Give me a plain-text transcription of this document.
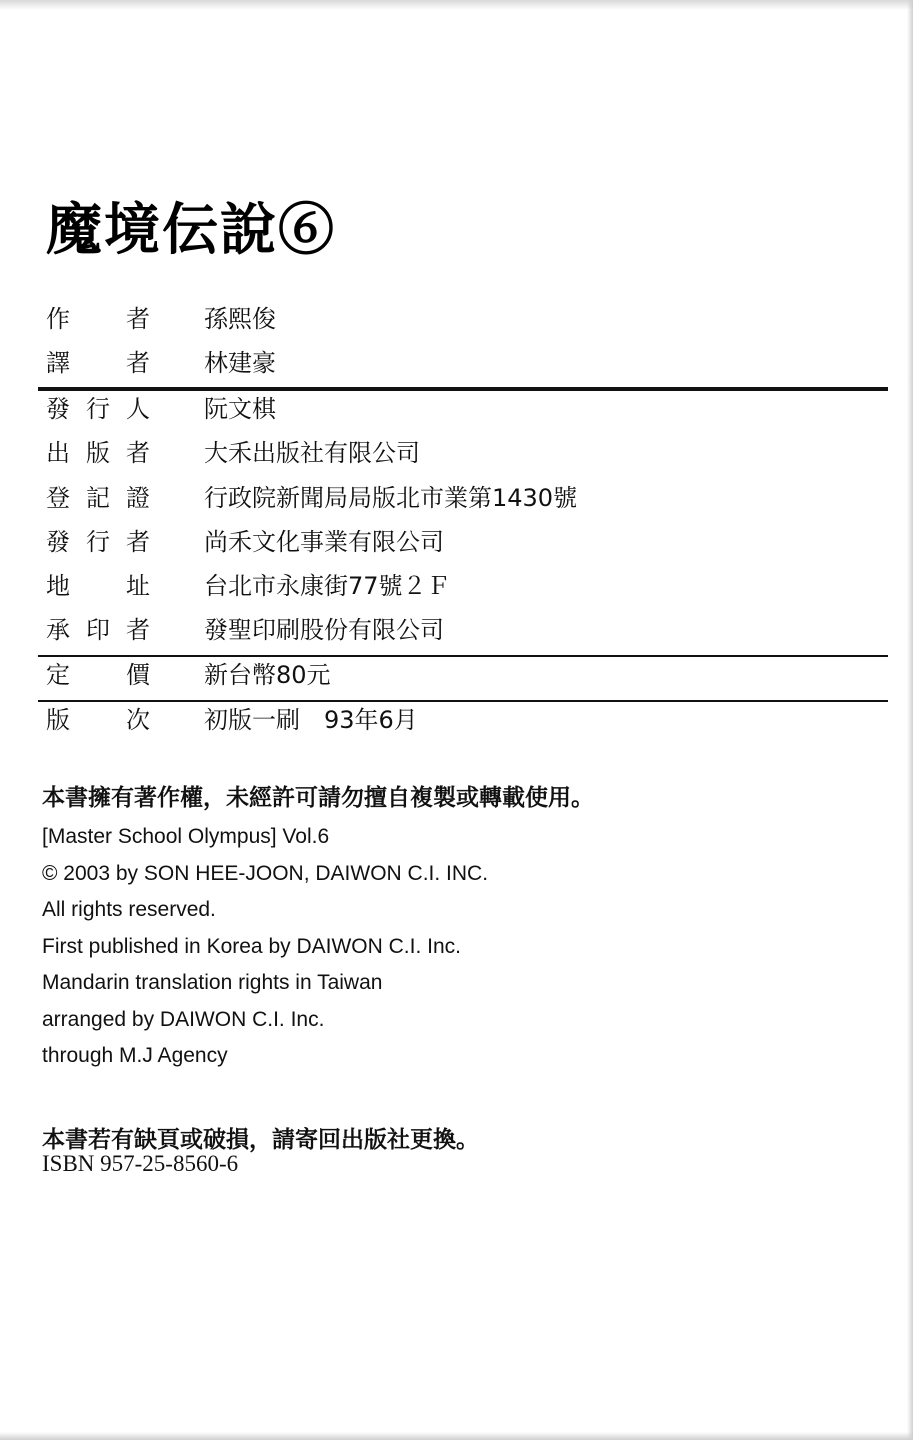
魔境伝說⑥
作者 孫熙俊
譯者 林建豪
發行人 阮文棋
出版者 大禾出版社有限公司
登記證 行政院新聞局局版北市業第1430號
發行者 尚禾文化事業有限公司
地址 台北市永康街77號２Ｆ
承印者 發聖印刷股份有限公司
定價 新台幣80元
版次 初版一刷　93年6月
本書擁有著作權，未經許可請勿擅自複製或轉載使用。
[Master School Olympus] Vol.6
© 2003 by SON HEE-JOON, DAIWON C.I. INC.
All rights reserved.
First published in Korea by DAIWON C.I. Inc.
Mandarin translation rights in Taiwan
arranged by DAIWON C.I. Inc.
through M.J Agency
本書若有缺頁或破損，請寄回出版社更換。
ISBN 957-25-8560-6
